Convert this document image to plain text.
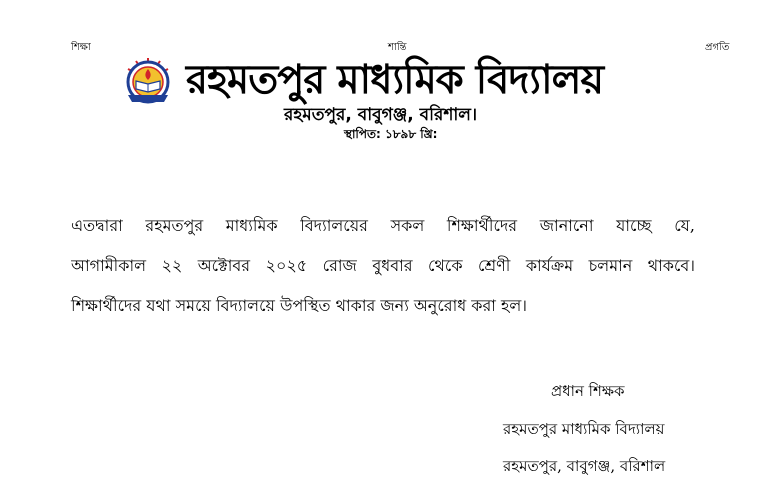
শিক্ষা	শান্তি	প্রগতি
রহমতপুর মাধ্যমিক বিদ্যালয়
রহমতপুর, বাবুগঞ্জ, বরিশাল।
স্থাপিত: ১৮৯৮ খ্রি:
এতদ্বারা রহমতপুর মাধ্যমিক বিদ্যালয়ের সকল শিক্ষার্থীদের জানানো যাচ্ছে যে,
আগামীকাল ২২ অক্টোবর ২০২৫ রোজ বুধবার থেকে শ্রেণী কার্যক্রম চলমান থাকবে।
শিক্ষার্থীদের যথা সময়ে বিদ্যালয়ে উপস্থিত থাকার জন্য অনুরোধ করা হল।
প্রধান শিক্ষক
রহমতপুর মাধ্যমিক বিদ্যালয়
রহমতপুর, বাবুগঞ্জ, বরিশাল
